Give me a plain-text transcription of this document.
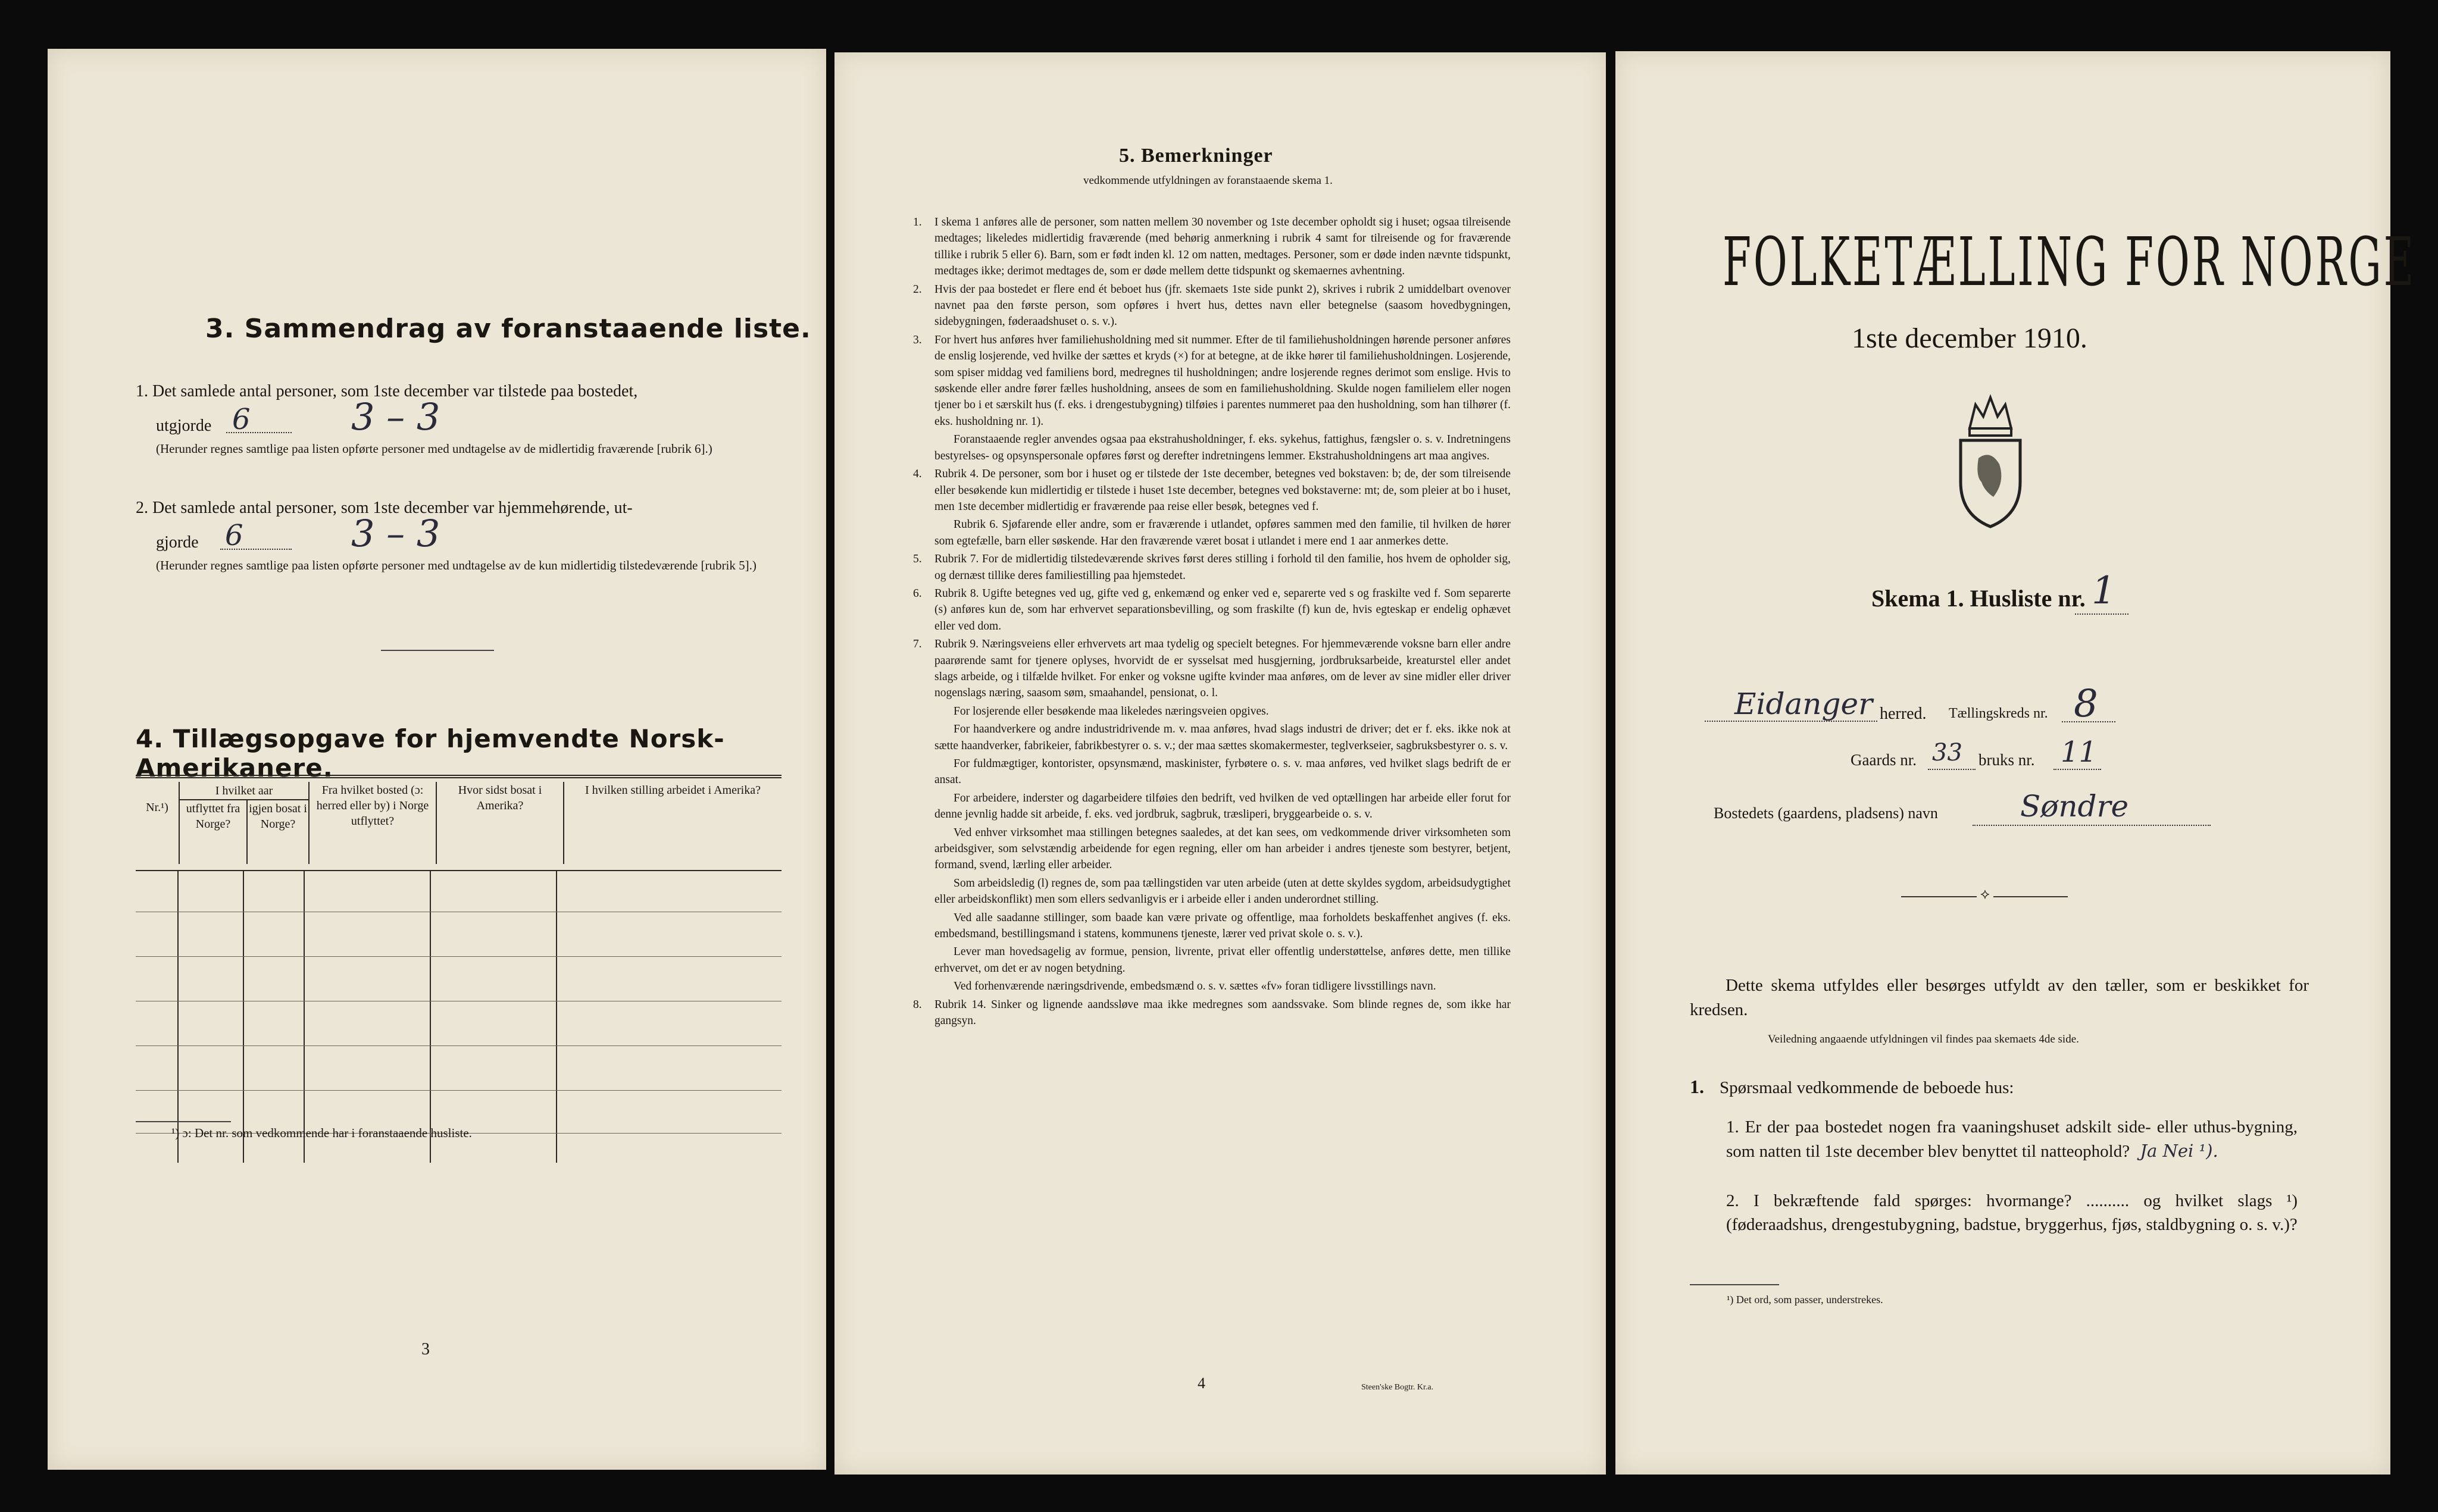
3. Sammendrag av foranstaaende liste.
1. Det samlede antal personer, som 1ste december var tilstede paa bostedet,
utgjorde 6	3 – 3
(Herunder regnes samtlige paa listen opførte personer med undtagelse av de midlertidig fraværende [rubrik 6].)
2. Det samlede antal personer, som 1ste december var hjemmehørende, ut-
gjorde 6	3 – 3
(Herunder regnes samtlige paa listen opførte personer med undtagelse av de kun midlertidig tilstedeværende [rubrik 5].)
4. Tillægsopgave for hjemvendte Norsk-Amerikanere.
Nr.¹)	I hvilket aar		Fra hvilket bosted (ɔ: herred eller by) i Norge utflyttet?	Hvor sidst bosat i Amerika?	I hvilken stilling arbeidet i Amerika?
	utflyttet fra Norge?	igjen bosat i Norge?			
¹) ɔ: Det nr. som vedkommende har i foranstaaende husliste.
3
5. Bemerkninger
vedkommende utfyldningen av foranstaaende skema 1.
1. I skema 1 anføres alle de personer, som natten mellem 30 november og 1ste december opholdt sig i huset; ogsaa tilreisende medtages; likeledes midlertidig fraværende (med behørig anmerkning i rubrik 4 samt for tilreisende og for fraværende tillike i rubrik 5 eller 6). Barn, som er født inden kl. 12 om natten, medtages. Personer, som er døde inden nævnte tidspunkt, medtages ikke; derimot medtages de, som er døde mellem dette tidspunkt og skemaernes avhentning.
2. Hvis der paa bostedet er flere end ét beboet hus (jfr. skemaets 1ste side punkt 2), skrives i rubrik 2 umiddelbart ovenover navnet paa den første person, som opføres i hvert hus, dettes navn eller betegnelse (saasom hovedbygningen, sidebygningen, føderaadshuset o. s. v.).
3. For hvert hus anføres hver familiehusholdning med sit nummer. Efter de til familiehusholdningen hørende personer anføres de enslig losjerende, ved hvilke der sættes et kryds (×) for at betegne, at de ikke hører til familiehusholdningen. Losjerende, som spiser middag ved familiens bord, medregnes til husholdningen; andre losjerende regnes derimot som enslige. Hvis to søskende eller andre fører fælles husholdning, ansees de som en familiehusholdning. Skulde nogen familielem eller nogen tjener bo i et særskilt hus (f. eks. i drengestubygning) tilføies i parentes nummeret paa den husholdning, som han tilhører (f. eks. husholdning nr. 1).
Foranstaaende regler anvendes ogsaa paa ekstrahusholdninger, f. eks. sykehus, fattighus, fængsler o. s. v. Indretningens bestyrelses- og opsynspersonale opføres først og derefter indretningens lemmer. Ekstrahusholdningens art maa angives.
4. Rubrik 4. De personer, som bor i huset og er tilstede der 1ste december, betegnes ved bokstaven: b; de, der som tilreisende eller besøkende kun midlertidig er tilstede i huset 1ste december, betegnes ved bokstaverne: mt; de, som pleier at bo i huset, men 1ste december midlertidig er fraværende paa reise eller besøk, betegnes ved f.
Rubrik 6. Sjøfarende eller andre, som er fraværende i utlandet, opføres sammen med den familie, til hvilken de hører som egtefælle, barn eller søskende. Har den fraværende været bosat i utlandet i mere end 1 aar anmerkes dette.
5. Rubrik 7. For de midlertidig tilstedeværende skrives først deres stilling i forhold til den familie, hos hvem de opholder sig, og dernæst tillike deres familiestilling paa hjemstedet.
6. Rubrik 8. Ugifte betegnes ved ug, gifte ved g, enkemænd og enker ved e, separerte ved s og fraskilte ved f. Som separerte (s) anføres kun de, som har erhvervet separationsbevilling, og som fraskilte (f) kun de, hvis egteskap er endelig ophævet eller ved dom.
7. Rubrik 9. Næringsveiens eller erhvervets art maa tydelig og specielt betegnes. For hjemmeværende voksne barn eller andre paarørende samt for tjenere oplyses, hvorvidt de er sysselsat med husgjerning, jordbruksarbeide, kreaturstel eller andet slags arbeide, og i tilfælde hvilket. For enker og voksne ugifte kvinder maa anføres, om de lever av sine midler eller driver nogenslags næring, saasom søm, smaahandel, pensionat, o. l.
For losjerende eller besøkende maa likeledes næringsveien opgives.
For haandverkere og andre industridrivende m. v. maa anføres, hvad slags industri de driver; det er f. eks. ikke nok at sætte haandverker, fabrikeier, fabrikbestyrer o. s. v.; der maa sættes skomakermester, teglverkseier, sagbruksbestyrer o. s. v.
For fuldmægtiger, kontorister, opsynsmænd, maskinister, fyrbøtere o. s. v. maa anføres, ved hvilket slags bedrift de er ansat.
For arbeidere, inderster og dagarbeidere tilføies den bedrift, ved hvilken de ved optællingen har arbeide eller forut for denne jevnlig hadde sit arbeide, f. eks. ved jordbruk, sagbruk, træsliperi, bryggearbeide o. s. v.
Ved enhver virksomhet maa stillingen betegnes saaledes, at det kan sees, om vedkommende driver virksomheten som arbeidsgiver, som selvstændig arbeidende for egen regning, eller om han arbeider i andres tjeneste som bestyrer, betjent, formand, svend, lærling eller arbeider.
Som arbeidsledig (l) regnes de, som paa tællingstiden var uten arbeide (uten at dette skyldes sygdom, arbeidsudygtighet eller arbeidskonflikt) men som ellers sedvanligvis er i arbeide eller i anden underordnet stilling.
Ved alle saadanne stillinger, som baade kan være private og offentlige, maa forholdets beskaffenhet angives (f. eks. embedsmand, bestillingsmand i statens, kommunens tjeneste, lærer ved privat skole o. s. v.).
Lever man hovedsagelig av formue, pension, livrente, privat eller offentlig understøttelse, anføres dette, men tillike erhvervet, om det er av nogen betydning.
Ved forhenværende næringsdrivende, embedsmænd o. s. v. sættes «fv» foran tidligere livsstillings navn.
8. Rubrik 14. Sinker og lignende aandssløve maa ikke medregnes som aandssvake. Som blinde regnes de, som ikke har gangsyn.
4	Steen'ske Bogtr. Kr.a.
FOLKETÆLLING FOR NORGE
1ste december 1910.
Skema 1. Husliste nr. 1
Eidanger herred. Tællingskreds nr. 8
Gaards nr. 33 bruks nr. 11
Bostedets (gaardens, pladsens) navn	Søndre
⟡
Dette skema utfyldes eller besørges utfyldt av den tæller, som er beskikket for kredsen.
Veiledning angaaende utfyldningen vil findes paa skemaets 4de side.
1. Spørsmaal vedkommende de beboede hus:
1. Er der paa bostedet nogen fra vaaningshuset adskilt side- eller uthus-bygning, som natten til 1ste december blev benyttet til natteophold? Ja Nei ¹).
2. I bekræftende fald spørges: hvormange? .......... og hvilket slags ¹) (føderaadshus, drengestubygning, badstue, bryggerhus, fjøs, staldbygning o. s. v.)?
¹) Det ord, som passer, understrekes.
